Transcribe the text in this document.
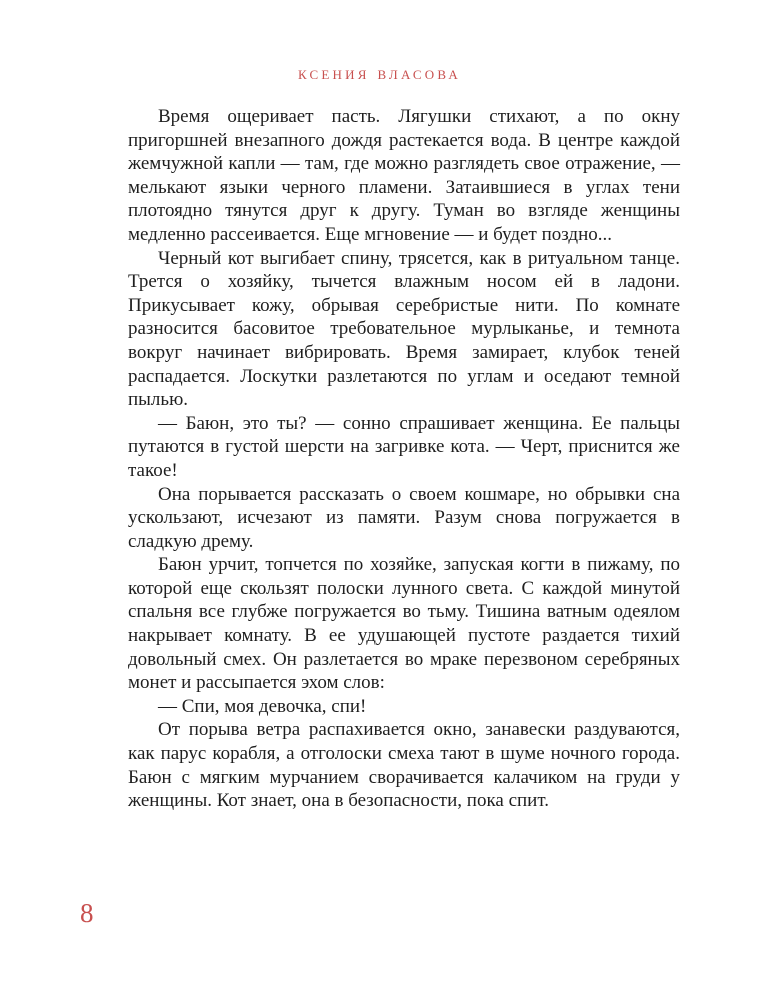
ксения власова

Время ощеривает пасть. Лягушки стихают, а по окну пригоршней внезапного дождя растекается вода. В центре каждой жемчужной капли — там, где можно разглядеть свое отражение, — мелькают языки черного пламени. Затаившиеся в углах тени плотоядно тянутся друг к другу. Туман во взгляде женщины медленно рассеивается. Еще мгновение — и будет поздно...

Черный кот выгибает спину, трясется, как в ритуальном танце. Трется о хозяйку, тычется влажным носом ей в ладони. Прикусывает кожу, обрывая серебристые нити. По комнате разносится басовитое требовательное мурлыканье, и темнота вокруг начинает вибрировать. Время замирает, клубок теней распадается. Лоскутки разлетаются по углам и оседают темной пылью.

— Баюн, это ты? — сонно спрашивает женщина. Ее пальцы путаются в густой шерсти на загривке кота. — Черт, приснится же такое!

Она порывается рассказать о своем кошмаре, но обрывки сна ускользают, исчезают из памяти. Разум снова погружается в сладкую дрему.

Баюн урчит, топчется по хозяйке, запуская когти в пижаму, по которой еще скользят полоски лунного света. С каждой минутой спальня все глубже погружается во тьму. Тишина ватным одеялом накрывает комнату. В ее удушающей пустоте раздается тихий довольный смех. Он разлетается во мраке перезвоном серебряных монет и рассыпается эхом слов:

— Спи, моя девочка, спи!

От порыва ветра распахивается окно, занавески раздуваются, как парус корабля, а отголоски смеха тают в шуме ночного города. Баюн с мягким мурчанием сворачивается калачиком на груди у женщины. Кот знает, она в безопасности, пока спит.

8
